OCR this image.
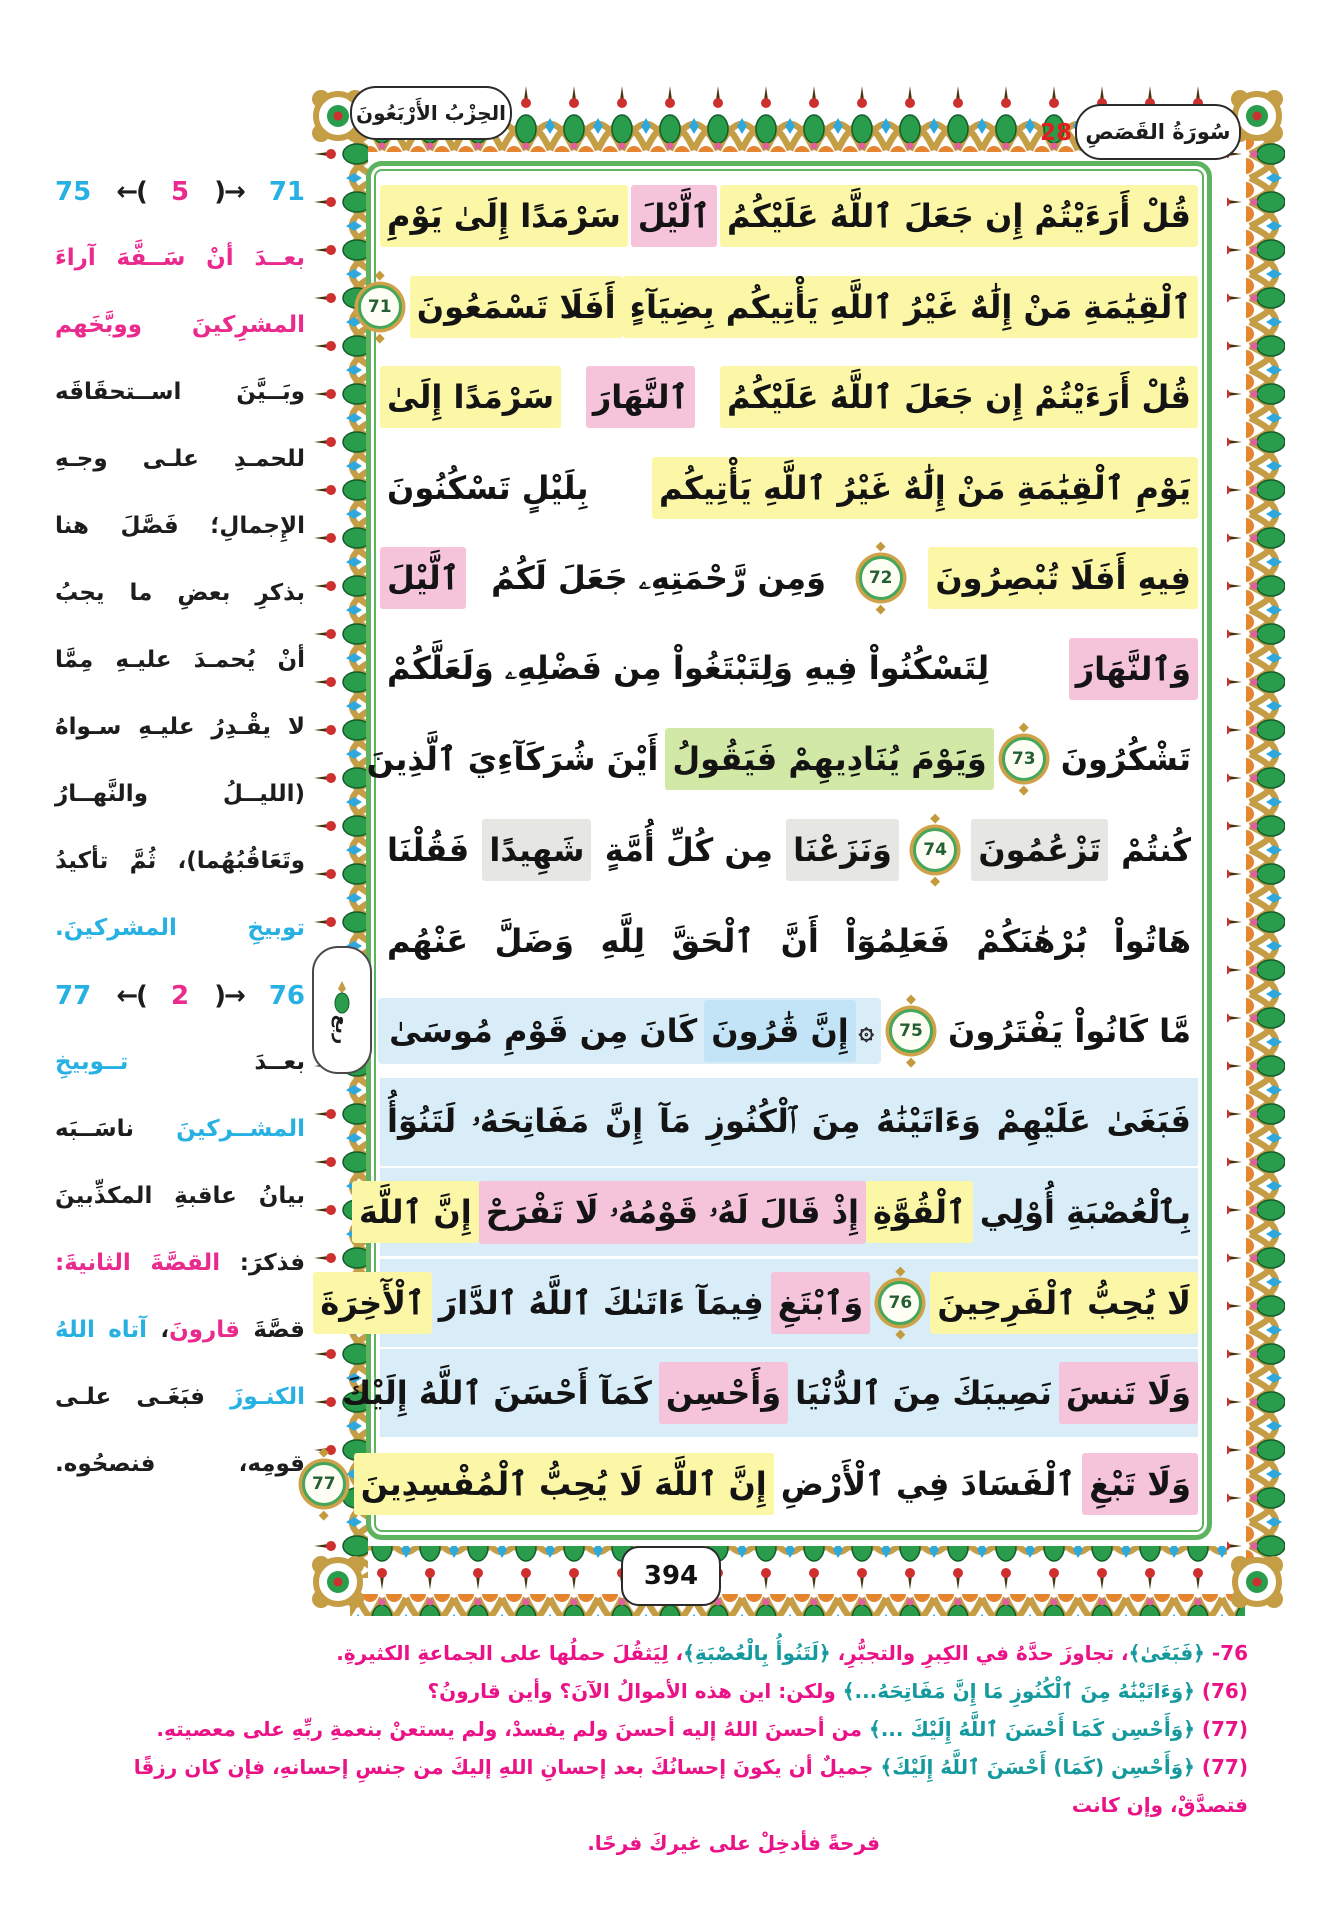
الحِزْبُ الأَرْبَعُونَ
28 سُورَةُ القَصَصِ
75 ←( 5 )→ 71
بعــدَ أنْ سَــفَّهَ آراءَ
المشرِكينَ ووبَّخَهم
وبَــيَّنَ اســتحقَاقَه
للحمـدِ علـى وجـهِ
الإِجمالِ؛ فَصَّلَ هنا
بذكرِ بعضِ ما يجبُ
أنْ يُحمـدَ عليـهِ مِمَّا
لا يقْـدِرُ عليـهِ سـواهُ
(الليــلُ والنَّهــارُ
وتَعَاقُبُهُما)، ثُمَّ تأكيدُ
توبيخِ المشركينَ.
77 ←( 2 )→ 76
بعــدَ تــوبيخِ
المشــركينَ ناسَــبَه
بيانُ عاقبةِ المكذِّبينَ
فذكرَ: القصَّةَ الثانيةَ:
قصَّةَ قارونَ، آتاه اللهُ
الكنـوزَ فبَغَـى علـى
قومِه، فنصحُوه.
قُلْ أَرَءَيْتُمْ إِن جَعَلَ ٱللَّهُ عَلَيْكُمُ
ٱلَّيْلَ
سَرْمَدًا إِلَىٰ يَوْمِ
ٱلْقِيَٰمَةِ مَنْ إِلَٰهٌ غَيْرُ ٱللَّهِ يَأْتِيكُم بِضِيَآءٍ
أَفَلَا تَسْمَعُونَ
◆ 71 ◆
قُلْ أَرَءَيْتُمْ إِن جَعَلَ ٱللَّهُ عَلَيْكُمُ
ٱلنَّهَارَ
سَرْمَدًا إِلَىٰ
يَوْمِ ٱلْقِيَٰمَةِ مَنْ إِلَٰهٌ غَيْرُ ٱللَّهِ يَأْتِيكُم
بِلَيْلٍ تَسْكُنُونَ
فِيهِ أَفَلَا تُبْصِرُونَ
◆ 72 ◆
وَمِن رَّحْمَتِهِۦ جَعَلَ لَكُمُ
ٱلَّيْلَ
وَٱلنَّهَارَ
لِتَسْكُنُواْ فِيهِ وَلِتَبْتَغُواْ مِن فَضْلِهِۦ وَلَعَلَّكُمْ
تَشْكُرُونَ
◆ 73 ◆
وَيَوْمَ يُنَادِيهِمْ فَيَقُولُ
أَيْنَ شُرَكَآءِيَ ٱلَّذِينَ
كُنتُمْ
تَزْعُمُونَ
◆ 74 ◆
وَنَزَعْنَا
مِن كُلِّ أُمَّةٍ
شَهِيدًا
فَقُلْنَا
هَاتُواْ بُرْهَٰنَكُمْ فَعَلِمُوٓاْ أَنَّ ٱلْحَقَّ لِلَّهِ وَضَلَّ عَنْهُم
مَّا كَانُواْ يَفْتَرُونَ
◆ 75 ◆
۞
إِنَّ قَٰرُونَ
كَانَ مِن قَوْمِ مُوسَىٰ
فَبَغَىٰ عَلَيْهِمْ وَءَاتَيْنَٰهُ مِنَ ٱلْكُنُوزِ مَآ إِنَّ مَفَاتِحَهُۥ لَتَنُوٓأُ
بِٱلْعُصْبَةِ أُوْلِي
ٱلْقُوَّةِ
إِذْ قَالَ لَهُۥ قَوْمُهُۥ لَا تَفْرَحْ
إِنَّ ٱللَّهَ
لَا يُحِبُّ ٱلْفَرِحِينَ
◆ 76 ◆
وَٱبْتَغِ
فِيمَآ ءَاتَىٰكَ ٱللَّهُ ٱلدَّارَ
ٱلْأٓخِرَةَ
وَلَا تَنسَ
نَصِيبَكَ مِنَ ٱلدُّنْيَا
وَأَحْسِن
كَمَآ أَحْسَنَ ٱللَّهُ إِلَيْكَ
وَلَا تَبْغِ
ٱلْفَسَادَ فِي ٱلْأَرْضِ
إِنَّ ٱللَّهَ لَا يُحِبُّ ٱلْمُفْسِدِينَ
◆ 77 ◆
ربع
394
76- ﴿فَبَغَىٰ﴾، تجاوزَ حدَّهُ في الكِبرِ والتجبُّرِ، ﴿لَتَنُوأُ بِالْعُصْبَةِ﴾، لِيَثقُلَ حملُها على الجماعةِ الكثيرةِ.
(76) ﴿وَءَاتَيْنَٰهُ مِنَ ٱلْكُنُوزِ مَا إِنَّ مَفَاتِحَهُ...﴾ ولكن: اين هذه الأموالُ الآنَ؟ وأين قارونُ؟
(77) ﴿وَأَحْسِن كَمَا أَحْسَنَ ٱللَّهُ إِلَيْكَ ...﴾ من أحسنَ اللهُ إليه أحسنَ ولم يفسدْ، ولم يستعنْ بنعمةِ ربِّهِ على معصيتهِ.
(77) ﴿وَأَحْسِن (كَمَا) أَحْسَنَ ٱللَّهُ إِلَيْكَ﴾ جميلٌ أن يكونَ إحسانُكَ بعد إحسانِ اللهِ إليكَ من جنسِ إحسانهِ، فإن كان رزقًا فتصدَّقْ، وإن كانت
فرحةً فأدخِلْ على غيركَ فرحًا.
